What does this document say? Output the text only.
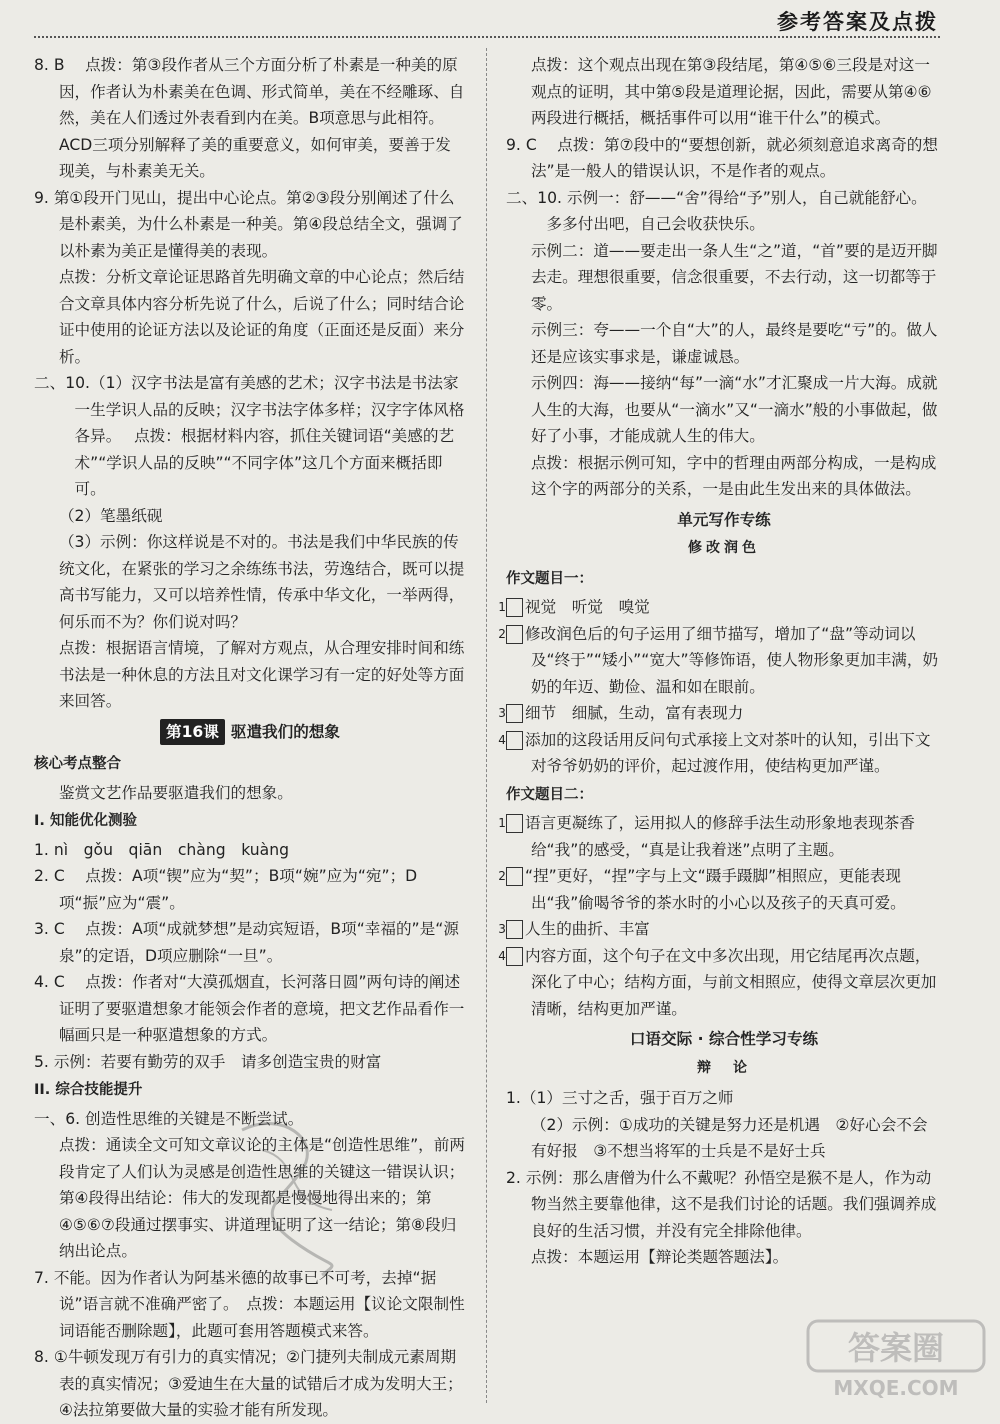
参考答案及点拨

8. B　 点拨：第③段作者从三个方面分析了朴素是一种美的原因，作者认为朴素美在色调、形式简单，美在不经雕琢、自然，美在人们透过外表看到内在美。B项意思与此相符。ACD三项分别解释了美的重要意义，如何审美，要善于发现美，与朴素美无关。

9. 第①段开门见山，提出中心论点。第②③段分别阐述了什么是朴素美，为什么朴素是一种美。第④段总结全文，强调了以朴素为美正是懂得美的表现。

点拨：分析文章论证思路首先明确文章的中心论点；然后结合文章具体内容分析先说了什么，后说了什么；同时结合论证中使用的论证方法以及论证的角度（正面还是反面）来分析。

二、10.（1）汉字书法是富有美感的艺术；汉字书法是书法家一生学识人品的反映；汉字书法字体多样；汉字字体风格各异。　 点拨：根据材料内容，抓住关键词语“美感的艺术”“学识人品的反映”“不同字体”这几个方面来概括即可。

（2）笔墨纸砚

（3）示例：你这样说是不对的。书法是我们中华民族的传统文化，在紧张的学习之余练练书法，劳逸结合，既可以提高书写能力，又可以培养性情，传承中华文化，一举两得，何乐而不为？你们说对吗？

点拨：根据语言情境，了解对方观点，从合理安排时间和练书法是一种休息的方法且对文化课学习有一定的好处等方面来回答。

第16课 驱遣我们的想象

核心考点整合

鉴赏文艺作品要驱遣我们的想象。

I. 知能优化测验

1. nì　gǒu　qiān　chàng　kuàng

2. C　 点拨：A项“锲”应为“契”；B项“婉”应为“宛”；D项“振”应为“震”。

3. C　 点拨：A项“成就梦想”是动宾短语，B项“幸福的”是“源泉”的定语，D项应删除“一旦”。

4. C　 点拨：作者对“大漠孤烟直，长河落日圆”两句诗的阐述证明了要驱遣想象才能领会作者的意境，把文艺作品看作一幅画只是一种驱遣想象的方式。

5. 示例：若要有勤劳的双手　请多创造宝贵的财富

II. 综合技能提升

一、6. 创造性思维的关键是不断尝试。

点拨：通读全文可知文章议论的主体是“创造性思维”，前两段肯定了人们认为灵感是创造性思维的关键这一错误认识；第④段得出结论：伟大的发现都是慢慢地得出来的；第④⑤⑥⑦段通过摆事实、讲道理证明了这一结论；第⑧段归纳出论点。

7. 不能。因为作者认为阿基米德的故事已不可考，去掉“据说”语言就不准确严密了。　点拨：本题运用【议论文限制性词语能否删除题】，此题可套用答题模式来答。

8. ①牛顿发现万有引力的真实情况；②门捷列夫制成元素周期表的真实情况；③爱迪生在大量的试错后才成为发明大王；④法拉第要做大量的实验才能有所发现。

点拨：这个观点出现在第③段结尾，第④⑤⑥三段是对这一观点的证明，其中第⑤段是道理论据，因此，需要从第④⑥两段进行概括，概括事件可以用“谁干什么”的模式。

9. C　 点拨：第⑦段中的“要想创新，就必须刻意追求离奇的想法”是一般人的错误认识，不是作者的观点。

二、10. 示例一：舒——“舍”得给“予”别人，自己就能舒心。多多付出吧，自己会收获快乐。

示例二：道——要走出一条人生“之”道，“首”要的是迈开脚去走。理想很重要，信念很重要，不去行动，这一切都等于零。

示例三：夸——一个自“大”的人，最终是要吃“亏”的。做人还是应该实事求是，谦虚诚恳。

示例四：海——接纳“每”一滴“水”才汇聚成一片大海。成就人生的大海，也要从“一滴水”又“一滴水”般的小事做起，做好了小事，才能成就人生的伟大。

点拨：根据示例可知，字中的哲理由两部分构成，一是构成这个字的两部分的关系，一是由此生发出来的具体做法。

单元写作专练

修改润色

作文题目一：

1 视觉　听觉　嗅觉

2 修改润色后的句子运用了细节描写，增加了“盘”等动词以及“终于”“矮小”“宽大”等修饰语，使人物形象更加丰满，奶奶的年迈、勤俭、温和如在眼前。

3 细节　细腻，生动，富有表现力

4 添加的这段话用反问句式承接上文对茶叶的认知，引出下文对爷爷奶奶的评价，起过渡作用，使结构更加严谨。

作文题目二：

1 语言更凝练了，运用拟人的修辞手法生动形象地表现茶香给“我”的感受，“真是让我着迷”点明了主题。

2 “捏”更好，“捏”字与上文“蹑手蹑脚”相照应，更能表现出“我”偷喝爷爷的茶水时的小心以及孩子的天真可爱。

3 人生的曲折、丰富

4 内容方面，这个句子在文中多次出现，用它结尾再次点题，深化了中心；结构方面，与前文相照应，使得文章层次更加清晰，结构更加严谨。

口语交际 · 综合性学习专练

辩　论

1.（1）三寸之舌，强于百万之师

（2）示例：①成功的关键是努力还是机遇　②好心会不会有好报　③不想当将军的士兵是不是好士兵

2. 示例：那么唐僧为什么不戴呢？孙悟空是猴不是人，作为动物当然主要靠他律，这不是我们讨论的话题。我们强调养成良好的生活习惯，并没有完全排除他律。

点拨：本题运用【辩论类题答题法】。

答案圈
MXQE.COM
